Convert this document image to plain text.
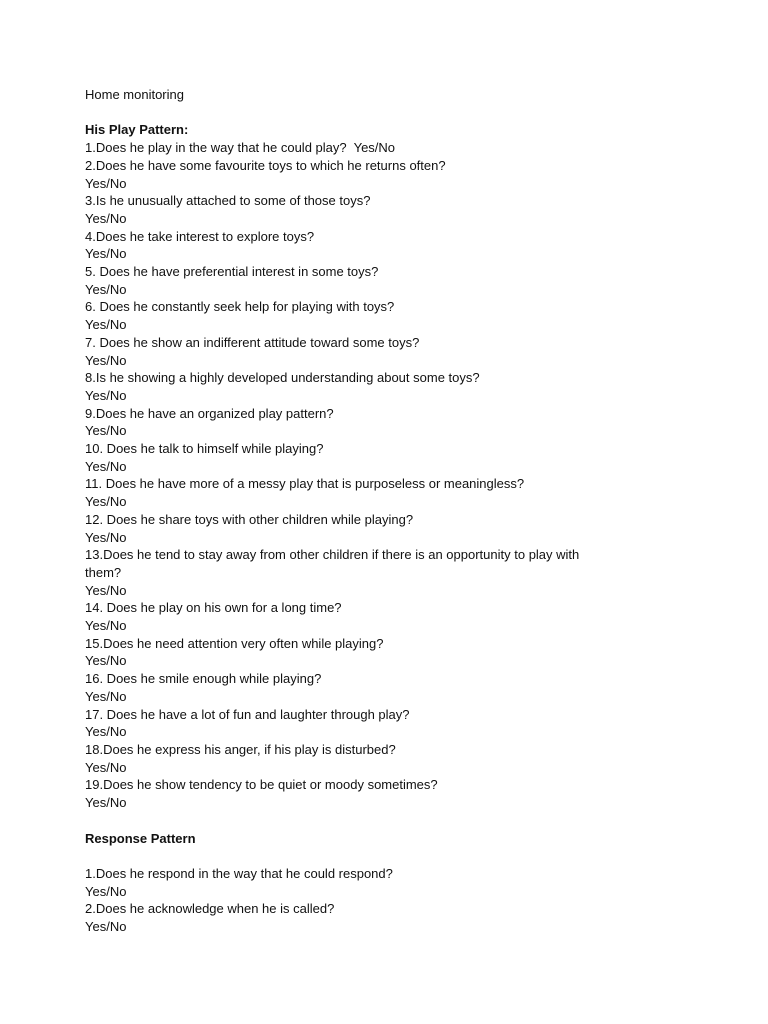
Home monitoring

His Play Pattern:

1.Does he play in the way that he could play?  Yes/No

2.Does he have some favourite toys to which he returns often?

Yes/No

3.Is he unusually attached to some of those toys?

Yes/No

4.Does he take interest to explore toys?

Yes/No

5. Does he have preferential interest in some toys?

Yes/No

6. Does he constantly seek help for playing with toys?

Yes/No

7. Does he show an indifferent attitude toward some toys?

Yes/No

8.Is he showing a highly developed understanding about some toys?

Yes/No

9.Does he have an organized play pattern?

Yes/No

10. Does he talk to himself while playing?

Yes/No

11. Does he have more of a messy play that is purposeless or meaningless?

Yes/No

12. Does he share toys with other children while playing?

Yes/No

13.Does he tend to stay away from other children if there is an opportunity to play with them?

Yes/No

14. Does he play on his own for a long time?

Yes/No

15.Does he need attention very often while playing?

Yes/No

16. Does he smile enough while playing?

Yes/No

17. Does he have a lot of fun and laughter through play?

Yes/No

18.Does he express his anger, if his play is disturbed?

Yes/No

19.Does he show tendency to be quiet or moody sometimes?

Yes/No

Response Pattern

1.Does he respond in the way that he could respond?

Yes/No

2.Does he acknowledge when he is called?

Yes/No
